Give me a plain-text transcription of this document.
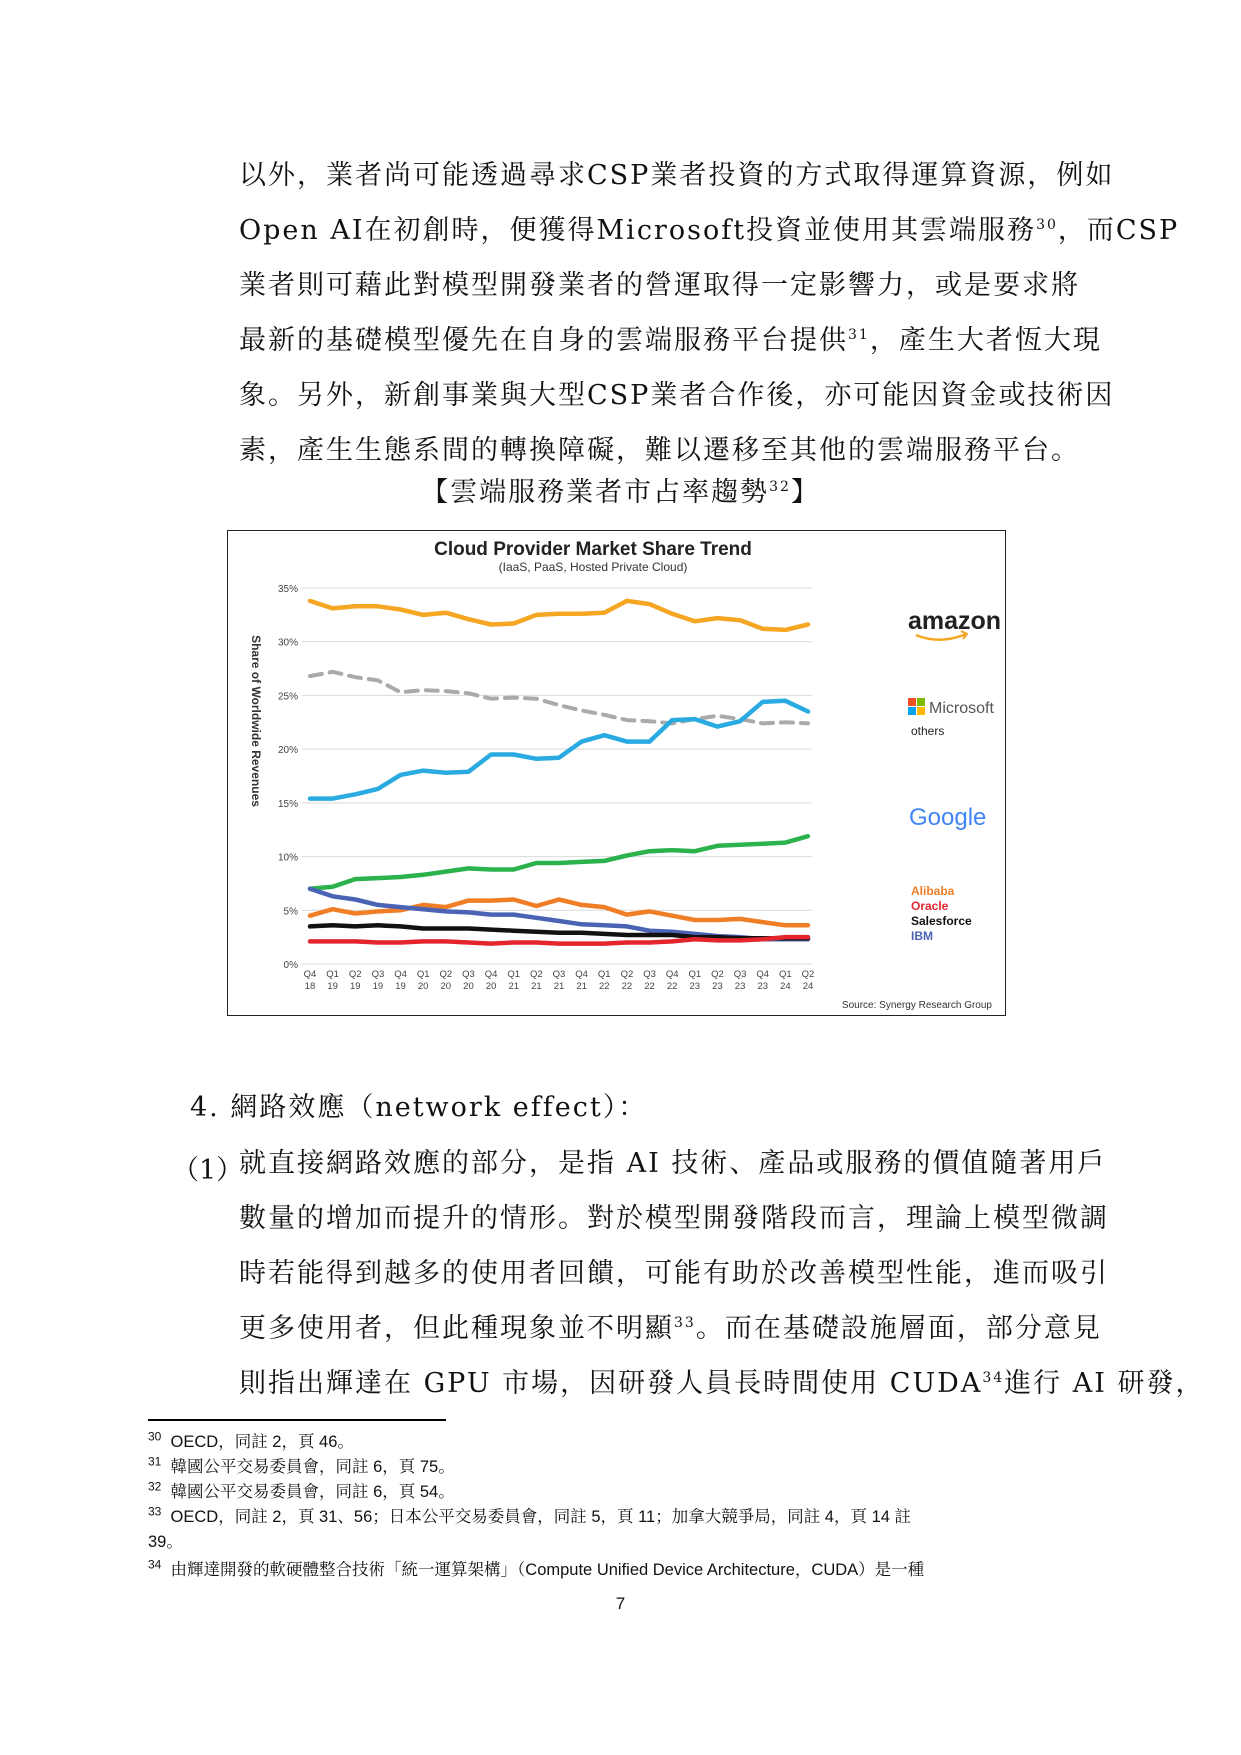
以外，業者尚可能透過尋求CSP業者投資的方式取得運算資源，例如
Open AI在初創時，便獲得Microsoft投資並使用其雲端服務$^{30}$，而CSP
業者則可藉此對模型開發業者的營運取得一定影響力，或是要求將
最新的基礎模型優先在自身的雲端服務平台提供$^{31}$，產生大者恆大現
象。另外，新創事業與大型CSP業者合作後，亦可能因資金或技術因
素，產生生態系間的轉換障礙，難以遷移至其他的雲端服務平台。
【雲端服務業者市占率趨勢$^{32}$】
Cloud Provider Market Share Trend
(IaaS, PaaS, Hosted Private Cloud)
Share of Worldwide Revenues
0%
5%
10%
15%
20%
25%
30%
35%
Q4
18
Q1
19
Q2
19
Q3
19
Q4
19
Q1
20
Q2
20
Q3
20
Q4
20
Q1
21
Q2
21
Q3
21
Q4
21
Q1
22
Q2
22
Q3
22
Q4
22
Q1
23
Q2
23
Q3
23
Q4
23
Q1
24
Q2
24
amazon
Microsoft
others
Google
Alibaba
Oracle
Salesforce
IBM
Source: Synergy Research Group
4. 網路效應（network effect）：
（1）
就直接網路效應的部分，是指 AI 技術、產品或服務的價值隨著用戶
數量的增加而提升的情形。對於模型開發階段而言，理論上模型微調
時若能得到越多的使用者回饋，可能有助於改善模型性能，進而吸引
更多使用者，但此種現象並不明顯$^{33}$。而在基礎設施層面，部分意見
則指出輝達在 GPU 市場，因研發人員長時間使用 CUDA$^{34}$進行 AI 研發，
$^{30}$ OECD，同註 2，頁 46。
$^{31}$ 韓國公平交易委員會，同註 6，頁 75。
$^{32}$ 韓國公平交易委員會，同註 6，頁 54。
$^{33}$ OECD，同註 2，頁 31、56；日本公平交易委員會，同註 5，頁 11；加拿大競爭局，同註 4，頁 14 註
39。
$^{34}$ 由輝達開發的軟硬體整合技術「統一運算架構」（Compute Unified Device Architecture，CUDA）是一種
7
